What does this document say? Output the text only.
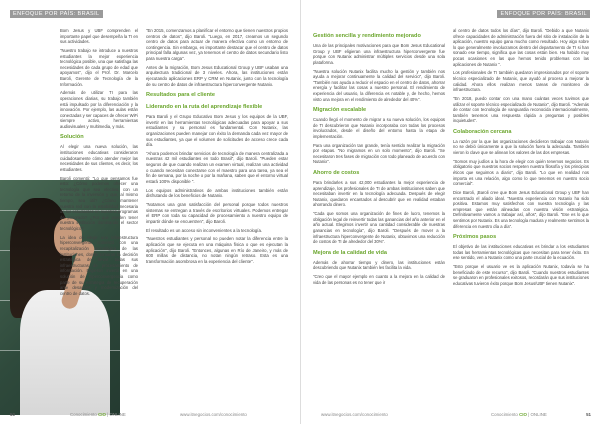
ENFOQUE POR PAÍS: BRASIL

Bom Jesus y UBF comprenden el importante papel que desempeña la TI en sus actividades.

"Nuestro trabajo se introduce a nuestros estudiantes la mejor experiencia tecnológica posible, una que satisfaga las necesidades de cada grupo de edad que apoyamos", dijo el Prof. Dr. Marcelo Baroli, Gerente de Tecnología de la Información.

Además de utilizar TI para las operaciones diarias, su trabajo también está impulsado por la diferenciación y la innovación. Por ejemplo, las aulas están conectadas y ser capaces de ofrecer WiFi siempre activo, herramientas audiovisuales y multimedia, y más.

Solución

Al elegir una nueva solución, las instituciones educativas consideraron cuidadosamente cómo atender mejor las necesidades de sus clientes, es decir, los estudiantes.

Baroli comentó: "Lo que pensamos fue esto: ¿Cómo podemos ofrecer una tecnología que sea efectiva, con un retorno de la inversión y que, al mismo tiempo, sea útil? ¿Cómo mantener nuestra red con la estabilidad necesaria de los estudiantes en nuestros programas de posgrado? ¿Por qué pueden tener nuestra institución dominando el sector tecnológico?

La idea de elegir una infraestructura hiperconvergente comenzó con una recapitalización tecnológica de las instituciones, donde tomaron la decisión estratégica de llevar todas sus infraestructuras de procesamiento de información. Eligieron invertir en una solución de hiperconvergencia como parte de su estrategia de recuperación ante desastres y modernización del centro de datos.

"En 2015, comenzamos a planificar el entorno que tienen nuestros propios centros de datos", dijo Baroli. "Luego, en 2017, creamos un segundo centro de datos para actuar de manera efectiva como un entorno de contingencia. Sin embargo, es importante destacar que el centro de datos principal falla algunas vez, ya tenemos el centro de datos secundario listo para nuestra carga".

Antes de la migración, Bom Jesus Educational Group y UBF usaban una arquitectura tradicional de 3 niveles. Ahora, las instituciones están ejecutando aplicaciones ERP y CRM en Nutanix, junto con la tecnología de su centro de datos de infraestructura hiperconvergente Nutanix.

Resultados para el cliente
Liderando en la ruta del aprendizaje flexible

Para Baroli y el Grupo Educativo Bom Jesus y los equipos de la UBF, invertir en las herramientas tecnológicas adecuadas para apoyar a sus estudiantes y su personal es fundamental. Con Nutanix, las organizaciones pueden manejar con éxito la demanda cada vez mayor de sus estudiantes, ya que el volumen de solicitudes de acceso crece cada día.

"Ahora podemos brindar servicios de tecnología de manera centralizada a nuestras 42 mil estudiantes en todo Brasil", dijo Baroli. "Pueden estar seguros de que cuando realizan un examen virtual, realizan una actividad o cuando necesitan conectarse con el maestro para una tarea, ya sea el fin de semana, por la noche o por la mañana, saben que el entorno virtual estará 100% disponible ".

Los equipos administrativos de ambas instituciones también están disfrutando de los beneficios de Nutanix.

"Notamos una gran satisfacción del personal porque todos nuestros sistemas se entregan a través de escritorios virtuales. Podemos entregar el ERP con toda su capacidad de procesamiento a nuestro equipo de impartir dónde se encuentren", dijo Baroli.

El resultado es un acceso sin inconvenientes a la tecnología.

"Nuestros estudiantes y personal no pueden notar la diferencia entre la aplicación que se ejecuta en una máquina física o que es ejecutan la aplicación", dijo Baroli. "Entonces, algunas en Río de Janeiro, y más de 600 millas de distancia, no notan ningún retraso. Esta es una transformación asombrosa en la experiencia del cliente".

50	Conocimiento CIO | ONLINE	www.itnegocios.com/conocimiento
ENFOQUE POR PAÍS: BRASIL
Gestión sencilla y rendimiento mejorado

Una de las principales motivaciones para que Bom Jesus Educational Group y UBF eligieran una infraestructura hiperconvergente fue porque con Nutanix administrar múltiples servicios desde una sola plataforma.

"Nuestra solución Nutanix facilita mucho la gestión y también nos ayuda a mejorar continuamente la calidad del servicio", dijo Baroli. "También nos ayuda a reducir el espacio en el centro de datos, ahorrar energía y facilitar las cosas a nuestro personal. El rendimiento de experiencia del usuario, la diferencia es notable y, de hecho, hemos visto una mejora en el rendimiento de alrededor del 40%".

Migración escalable

Cuando llegó el momento de migrar a su nueva solución, los equipos de TI descubrieron que Nutanix incorporaba con todas los procesos involucrados, desde el diseño del entorno hasta la etapa de implementación.

Para una organización tan grande, tenía sentido realizar la migración por etapas. "No migramos en un solo momento", dijo Baroli. "Se necesitaron tres fases de migración con todo planeado de acuerdo con Nutanix".

Ahorro de costos

Para brindarles a sus 42,000 estudiantes la mejor experiencia de aprendizaje, los profesionales de TI de ambas instituciones saben que necesitaban invertir en la tecnología adecuada. Después de elegir Nutanix, quedaron encantados al descubrir que en realidad estaban ahorrando dinero.

"Cada que somos una organización de fines de lucro, tenemos la obligación legal de reinvertir todas las ganancias del año anterior en el año actual. Elegimos invertir una cantidad considerable de nuestras ganancias en tecnología", dijo Baroli. "Después de mover a la infraestructura hiperconvergente de Nutanix, obtuvimos una reducción de costos de TI de alrededor del 30%".

Mejora de la calidad de vida

Además de ahorrar tiempo y dinero, las instituciones están descubriendo que Nutanix también les facilita la vida.

"Creo que el mayor ejemplo en cuanto a la mejora en la calidad de vida de las personas es no tener que ir

al centro de datos todos los días", dijo Baroli. "Debido a que Nutanix ofrece capacidades de administración fuera del sitio de instalación de la aplicación, nuestro equipo gana mucho como resultado. Hoy algo sobre lo que generalmente involucramos dentro del departamento de TI si han sonado ese tiempo, significa que las cosas están bien. Ha habido muy pocas ocasiones en las que hemos tenido problemas con las aplicaciones de Nutanix ".

Los profesionales de TI también quedaron impresionados por el soporte técnico especializado de Nutanix, que ayudó al proceso a mejorar la calidad. Ahora ellos realizan menos tareas de monitoreo de infraestructura.

"En 2018, puedo contar con una mano cuántas veces tuvimos que utilizar el soporte técnico especializado de Nutanix", dijo Baroli. "Además de contar con tecnología de vanguardia reconocida internacionalmente, también tenemos una respuesta rápida a preguntas y posibles inquietudes".

Colaboración cercana

La razón por la que las organizaciones decidieron trabajar con Nutanix no se debió únicamente a que la solución fuera la adecuada. También vieron lo clave que se alinean los valores de las dos empresas.

"Somos muy judíos a la hora de elegir con quién tenemos negocios. Es obligatorio que nuestros socios respeten nuestra filosofía y los principios éticos que seguimos a diario", dijo Baroli. "Lo que en realidad nos importa es una relación, algo como lo que tenemos en nuestro socio comercial".

Dice Baroli, ¡Baroli cree que Bom Jesus Educational Group y UBF han encontrado el aliado ideal. "Nuestra experiencia con Nutanix ha sido positiva. Estamos muy satisfechos con nuestra tecnología y las empresas que están alineadas con nuestra visión estratégica. Definitivamente vamos a trabajar así, años", dijo Baroli. "Ese es lo que sentimos por Nutanix. Es una tecnología madura y realmente sentimos la diferencia en nuestro día a día".

Próximos pasos

El objetivo de las instituciones educativas es brindar a los estudiantes todas las herramientas tecnológicas que necesitan para tener éxito. En ese sentido, ven a Nutanix como una parte crucial de la ecuación.

"Esto porque el usuario ve es la aplicación Nutanix, todavía se ha beneficiado de este recurso", dijo Baroli. "Cuando nuestros estudiantes se graduaron en profesionales exitosos, recordarán que sus instituciones educativas tuvieron éxito porque Bom Jesus/UBF tienen Nutanix".

www.itnegocios.com/conocimiento	Conocimiento CIO | ONLINE	51
